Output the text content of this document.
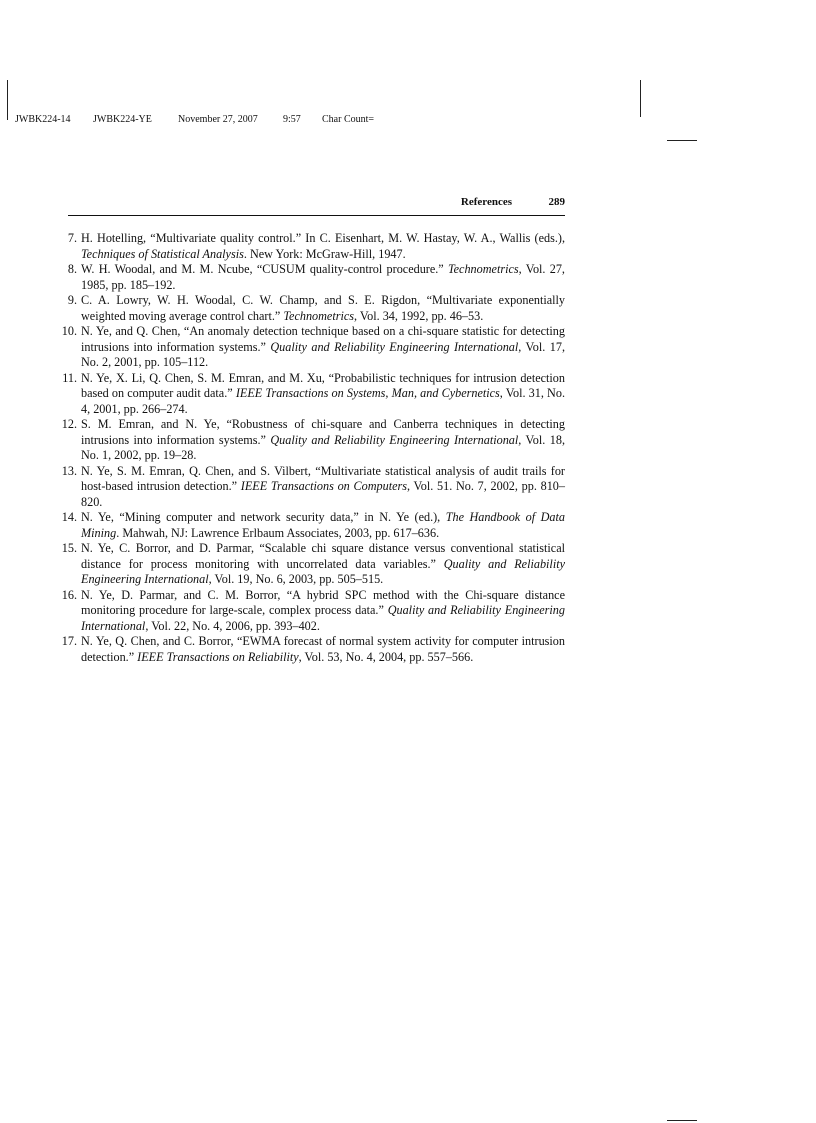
JWBK224-14 JWBK224-YE	November 27, 2007	9:57 Char Count=

References	289
7. H. Hotelling, “Multivariate quality control.” In C. Eisenhart, M. W. Hastay, W. A., Wallis (eds.), Techniques of Statistical Analysis. New York: McGraw-Hill, 1947.
8. W. H. Woodal, and M. M. Ncube, “CUSUM quality-control procedure.” Technometrics, Vol. 27, 1985, pp. 185–192.
9. C. A. Lowry, W. H. Woodal, C. W. Champ, and S. E. Rigdon, “Multivariate exponentially weighted moving average control chart.” Technometrics, Vol. 34, 1992, pp. 46–53.
10. N. Ye, and Q. Chen, “An anomaly detection technique based on a chi-square statistic for detecting intrusions into information systems.” Quality and Reliability Engineering International, Vol. 17, No. 2, 2001, pp. 105–112.
11. N. Ye, X. Li, Q. Chen, S. M. Emran, and M. Xu, “Probabilistic techniques for intrusion detection based on computer audit data.” IEEE Transactions on Systems, Man, and Cybernetics, Vol. 31, No. 4, 2001, pp. 266–274.
12. S. M. Emran, and N. Ye, “Robustness of chi-square and Canberra techniques in detecting intrusions into information systems.” Quality and Reliability Engineering International, Vol. 18, No. 1, 2002, pp. 19–28.
13. N. Ye, S. M. Emran, Q. Chen, and S. Vilbert, “Multivariate statistical analysis of audit trails for host-based intrusion detection.” IEEE Transactions on Computers, Vol. 51. No. 7, 2002, pp. 810–820.
14. N. Ye, “Mining computer and network security data,” in N. Ye (ed.), The Handbook of Data Mining. Mahwah, NJ: Lawrence Erlbaum Associates, 2003, pp. 617–636.
15. N. Ye, C. Borror, and D. Parmar, “Scalable chi square distance versus conventional statistical distance for process monitoring with uncorrelated data variables.” Quality and Reliability Engineering International, Vol. 19, No. 6, 2003, pp. 505–515.
16. N. Ye, D. Parmar, and C. M. Borror, “A hybrid SPC method with the Chi-square distance monitoring procedure for large-scale, complex process data.” Quality and Reliability Engineering International, Vol. 22, No. 4, 2006, pp. 393–402.
17. N. Ye, Q. Chen, and C. Borror, “EWMA forecast of normal system activity for computer intrusion detection.” IEEE Transactions on Reliability, Vol. 53, No. 4, 2004, pp. 557–566.
